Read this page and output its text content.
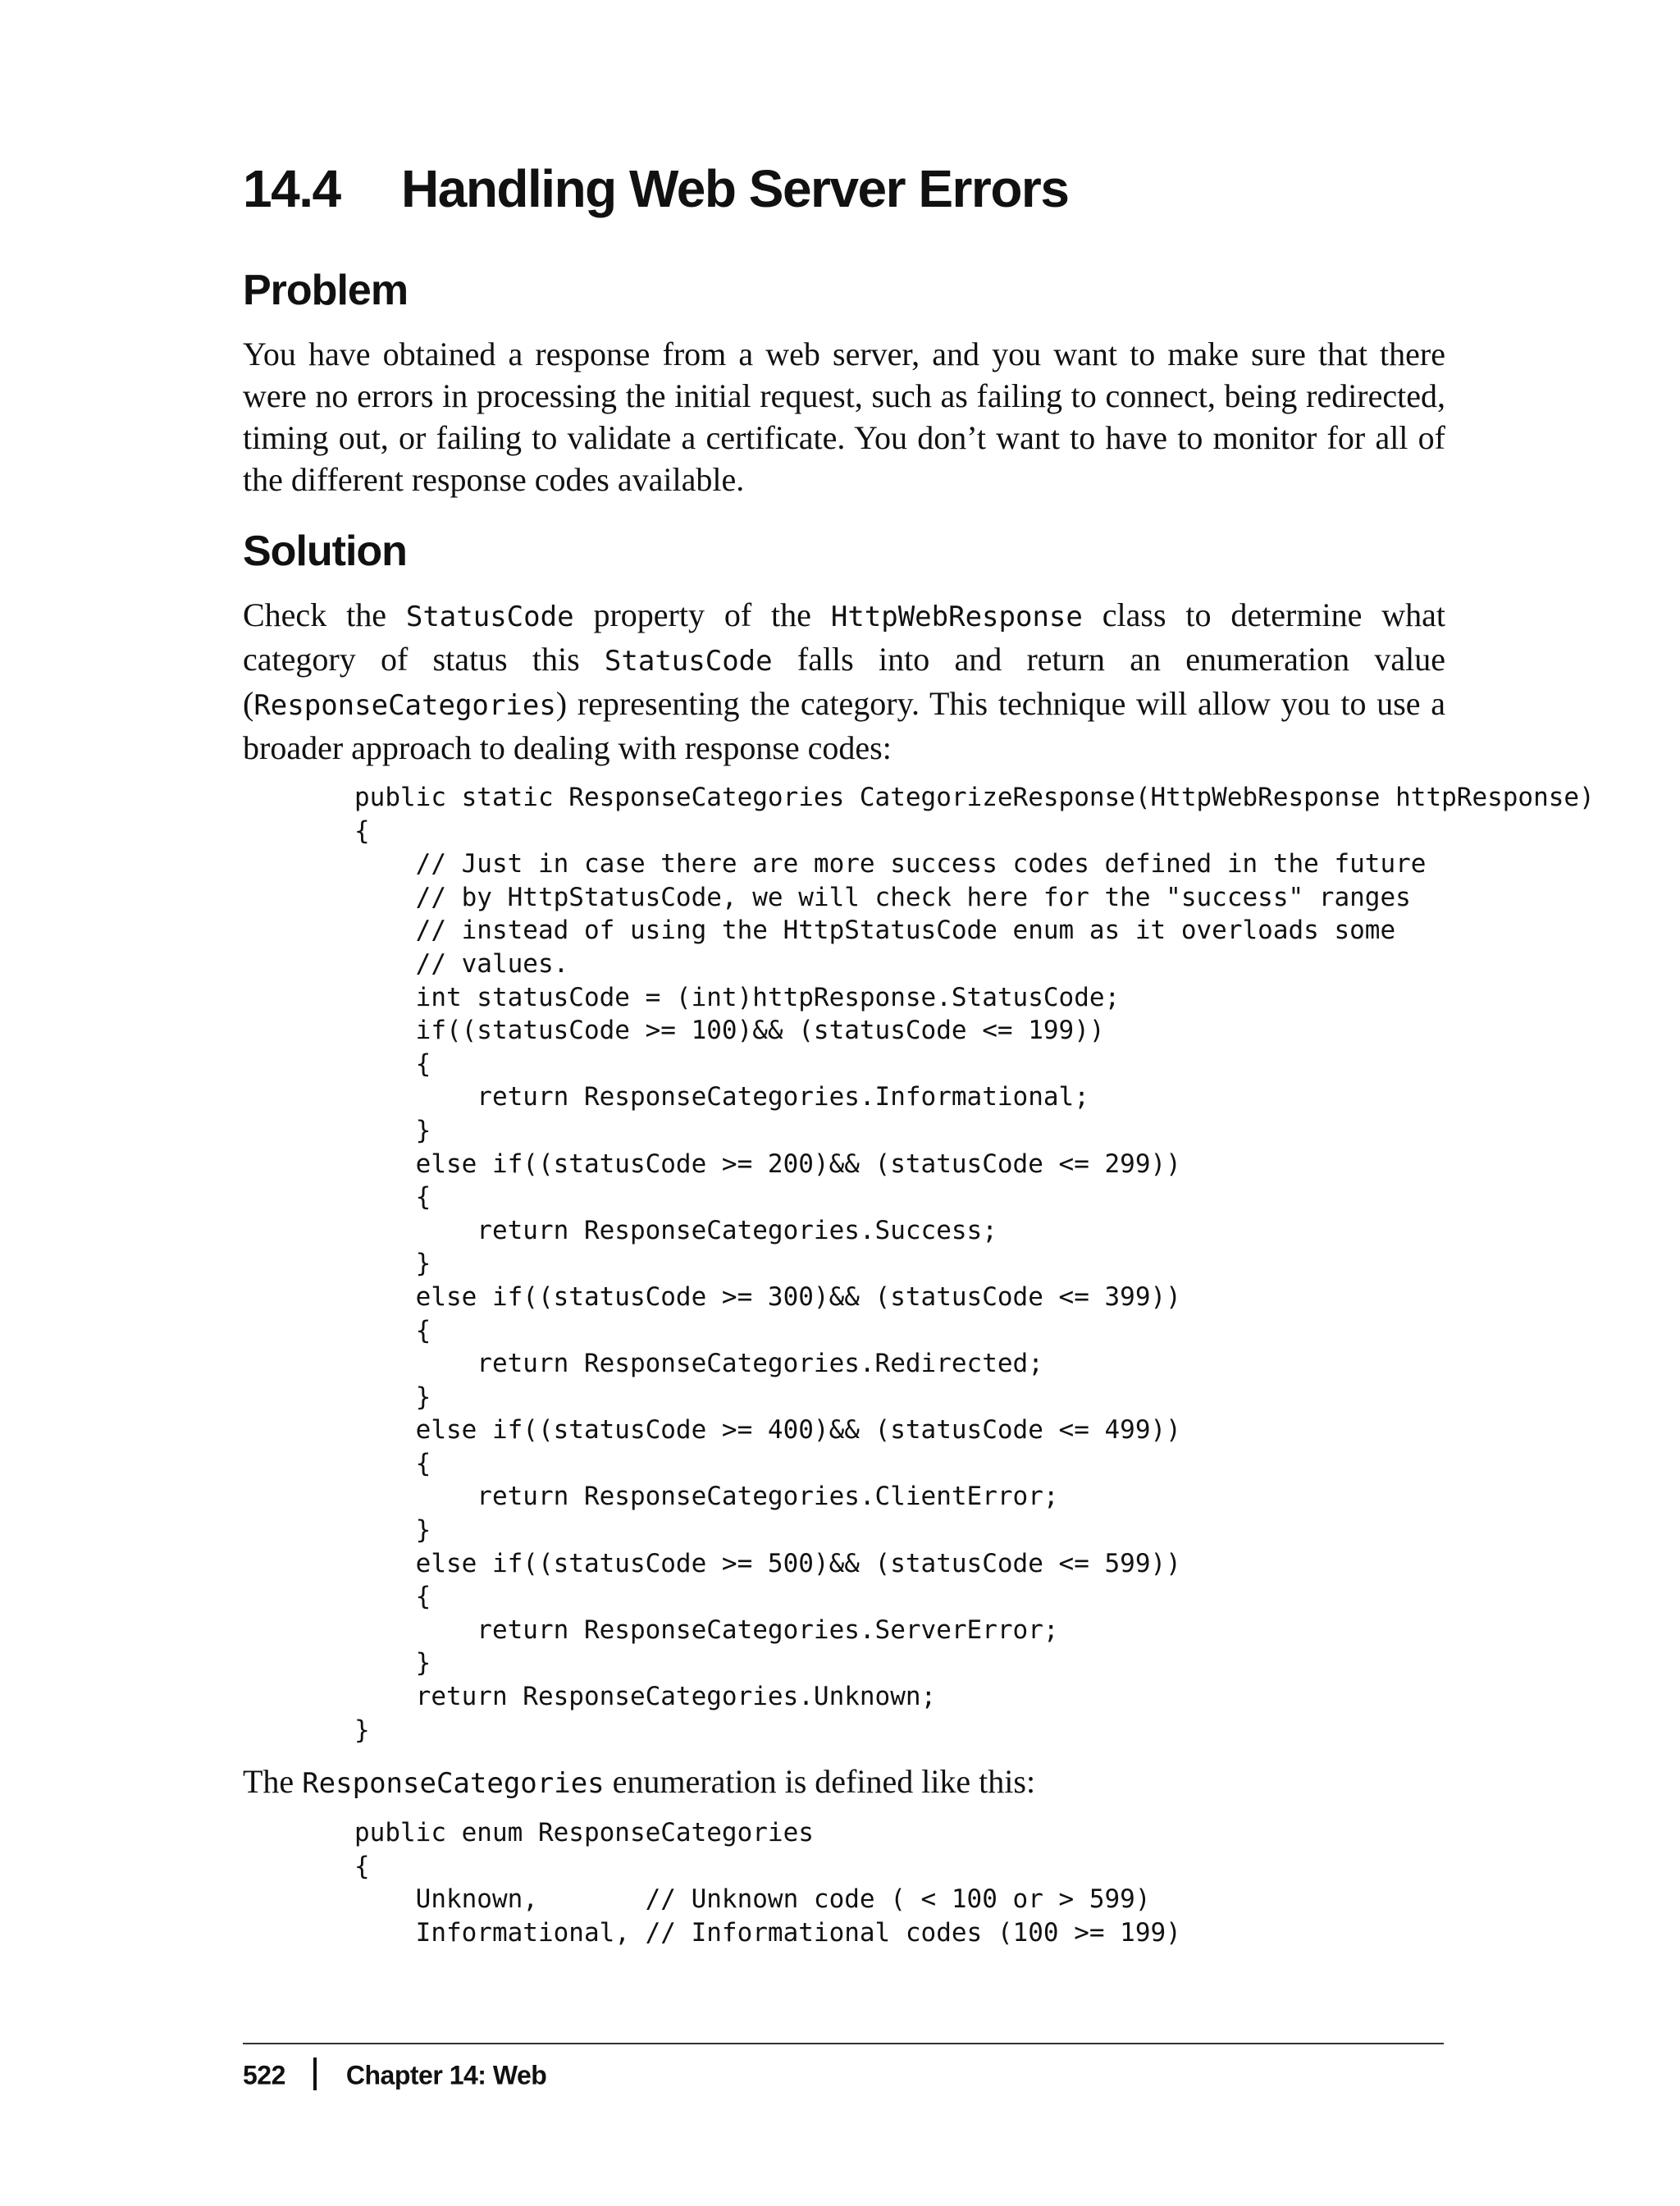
14.4 Handling Web Server Errors
Problem

You have obtained a response from a web server, and you want to make sure that there were no errors in processing the initial request, such as failing to connect, being redirected, timing out, or failing to validate a certificate. You don’t want to have to monitor for all of the different response codes available.

Solution

Check the StatusCode property of the HttpWebResponse class to determine what category of status this StatusCode falls into and return an enumeration value (ResponseCategories) representing the category. This technique will allow you to use a broader approach to dealing with response codes:

public static ResponseCategories CategorizeResponse(HttpWebResponse httpResponse)
{
// Just in case there are more success codes defined in the future
// by HttpStatusCode, we will check here for the "success" ranges
// instead of using the HttpStatusCode enum as it overloads some
// values.
int statusCode = (int)httpResponse.StatusCode;
if((statusCode >= 100)&& (statusCode <= 199))
{
return ResponseCategories.Informational;
}
else if((statusCode >= 200)&& (statusCode <= 299))
{
return ResponseCategories.Success;
}
else if((statusCode >= 300)&& (statusCode <= 399))
{
return ResponseCategories.Redirected;
}
else if((statusCode >= 400)&& (statusCode <= 499))
{
return ResponseCategories.ClientError;
}
else if((statusCode >= 500)&& (statusCode <= 599))
{
return ResponseCategories.ServerError;
}
return ResponseCategories.Unknown;
}

The ResponseCategories enumeration is defined like this:

public enum ResponseCategories
{
Unknown,       // Unknown code ( < 100 or > 599)
Informational, // Informational codes (100 >= 199)
522 Chapter 14: Web
